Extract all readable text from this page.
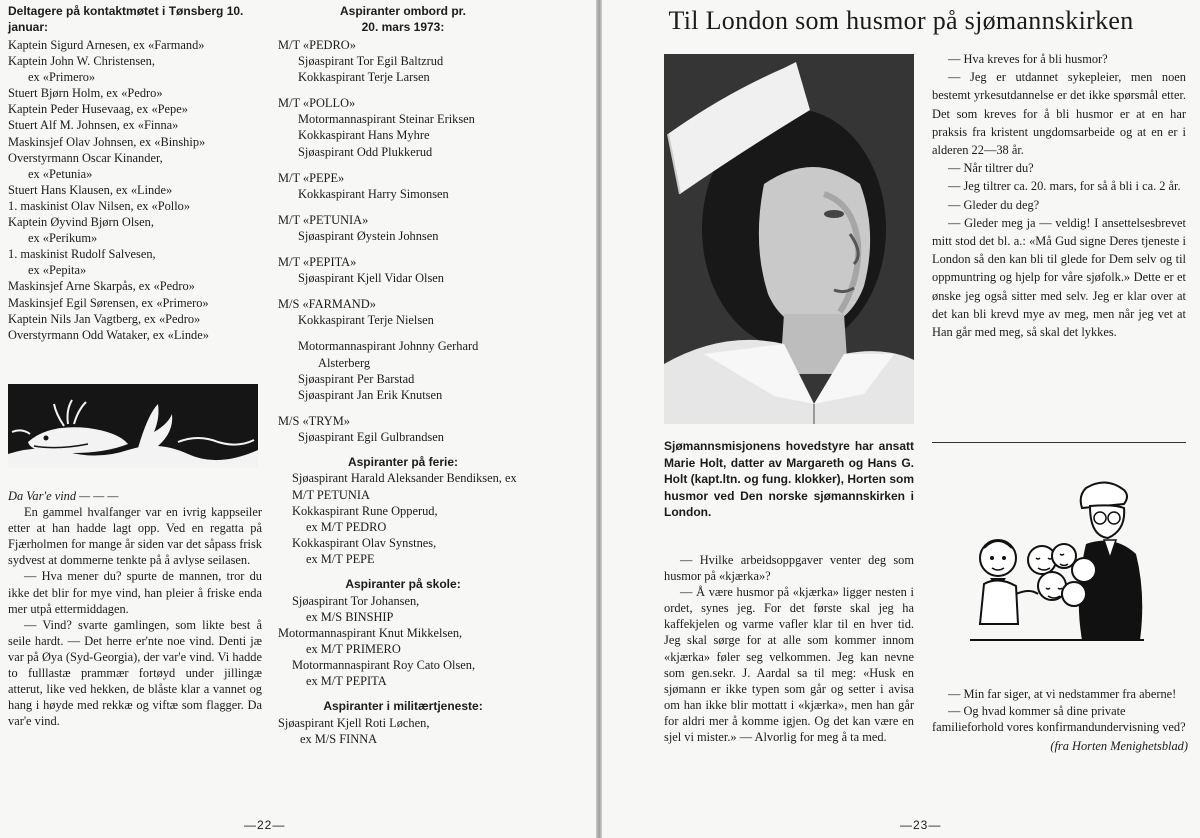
Deltagere på kontaktmøtet i Tønsberg 10. januar:

Kaptein Sigurd Arnesen, ex «Farmand»

Kaptein John W. Christensen,

ex «Primero»

Stuert Bjørn Holm, ex «Pedro»

Kaptein Peder Husevaag, ex «Pepe»

Stuert Alf M. Johnsen, ex «Finna»

Maskinsjef Olav Johnsen, ex «Binship»

Overstyrmann Oscar Kinander,

ex «Petunia»

Stuert Hans Klausen, ex «Linde»

1. maskinist Olav Nilsen, ex «Pollo»

Kaptein Øyvind Bjørn Olsen,

ex «Perikum»

1. maskinist Rudolf Salvesen,

ex «Pepita»

Maskinsjef Arne Skarpås, ex «Pedro»

Maskinsjef Egil Sørensen, ex «Primero»

Kaptein Nils Jan Vagtberg, ex «Pedro»

Overstyrmann Odd Wataker, ex «Linde»

Da Var'e vind — — —

En gammel hvalfanger var en ivrig kappseiler etter at han hadde lagt opp. Ved en regatta på Fjærholmen for mange år siden var det såpass frisk sydvest at dommerne tenkte på å avlyse seilasen.

— Hva mener du? spurte de mannen, tror du ikke det blir for mye vind, han pleier å friske enda mer utpå ettermiddagen.

— Vind? svarte gamlingen, som likte best å seile hardt. — Det herre er'nte noe vind. Denti jæ var på Øya (Syd-Georgia), der var'e vind. Vi hadde to fulllastæ prammær fortøyd under jillingæ atterut, like ved hekken, de blåste klar a vannet og hang i høyde med rekkæ og viftæ som flagger. Da var'e vind.

Aspiranter ombord pr. 20. mars 1973:

M/T «PEDRO»

Sjøaspirant Tor Egil Baltzrud

Kokkaspirant Terje Larsen

M/T «POLLO»

Motormannaspirant Steinar Eriksen

Kokkaspirant Hans Myhre

Sjøaspirant Odd Plukkerud

M/T «PEPE»

Kokkaspirant Harry Simonsen

M/T «PETUNIA»

Sjøaspirant Øystein Johnsen

M/T «PEPITA»

Sjøaspirant Kjell Vidar Olsen

M/S «FARMAND»

Kokkaspirant Terje Nielsen

Motormannaspirant Johnny Gerhard

Alsterberg

Sjøaspirant Per Barstad

Sjøaspirant Jan Erik Knutsen

M/S «TRYM»

Sjøaspirant Egil Gulbrandsen

Aspiranter på ferie:

Sjøaspirant Harald Aleksander Bendiksen, ex M/T PETUNIA

Kokkaspirant Rune Opperud,

ex M/T PEDRO

Kokkaspirant Olav Synstnes,

ex M/T PEPE

Aspiranter på skole:

Sjøaspirant Tor Johansen,

ex M/S BINSHIP

Motormannaspirant Knut Mikkelsen,

ex M/T PRIMERO

Motormannaspirant Roy Cato Olsen,

ex M/T PEPITA

Aspiranter i militærtjeneste:

Sjøaspirant Kjell Roti Løchen,

ex M/S FINNA

—22—
Til London som husmor på sjømannskirken

Sjømannsmisjonens hovedstyre har ansatt Marie Holt, datter av Margareth og Hans G. Holt (kapt.ltn. og fung. klokker), Horten som husmor ved Den norske sjømannskirken i London.

— Hvilke arbeidsoppgaver venter deg som husmor på «kjærka»?

— Å være husmor på «kjærka» ligger nesten i ordet, synes jeg. For det første skal jeg ha kaffekjelen og varme vafler klar til en hver tid. Jeg skal sørge for at alle som kommer innom «kjærka» føler seg velkommen. Jeg kan nevne som gen.sekr. J. Aardal sa til meg: «Husk en sjømann er ikke typen som går og setter i avisa om han ikke blir mottatt i «kjærka», men han går for aldri mer å komme igjen. Og det kan være en sjel vi mister.» — Alvorlig for meg å ta med.

— Hva kreves for å bli husmor?

— Jeg er utdannet sykepleier, men noen bestemt yrkesutdannelse er det ikke spørsmål etter. Det som kreves for å bli husmor er at en har praksis fra kristent ungdomsarbeide og at en er i alderen 22—38 år.

— Når tiltrer du?

— Jeg tiltrer ca. 20. mars, for så å bli i ca. 2 år.

— Gleder du deg?

— Gleder meg ja — veldig! I ansettelsesbrevet mitt stod det bl. a.: «Må Gud signe Deres tjeneste i London så den kan bli til glede for Dem selv og til oppmuntring og hjelp for våre sjøfolk.» Dette er et ønske jeg også sitter med selv. Jeg er klar over at det kan bli krevd mye av meg, men når jeg vet at Han går med meg, så skal det lykkes.

— Min far siger, at vi nedstammer fra aberne!

— Og hvad kommer så dine private familieforhold vores konfirmandundervisning ved?

(fra Horten Menighetsblad)

—23—
